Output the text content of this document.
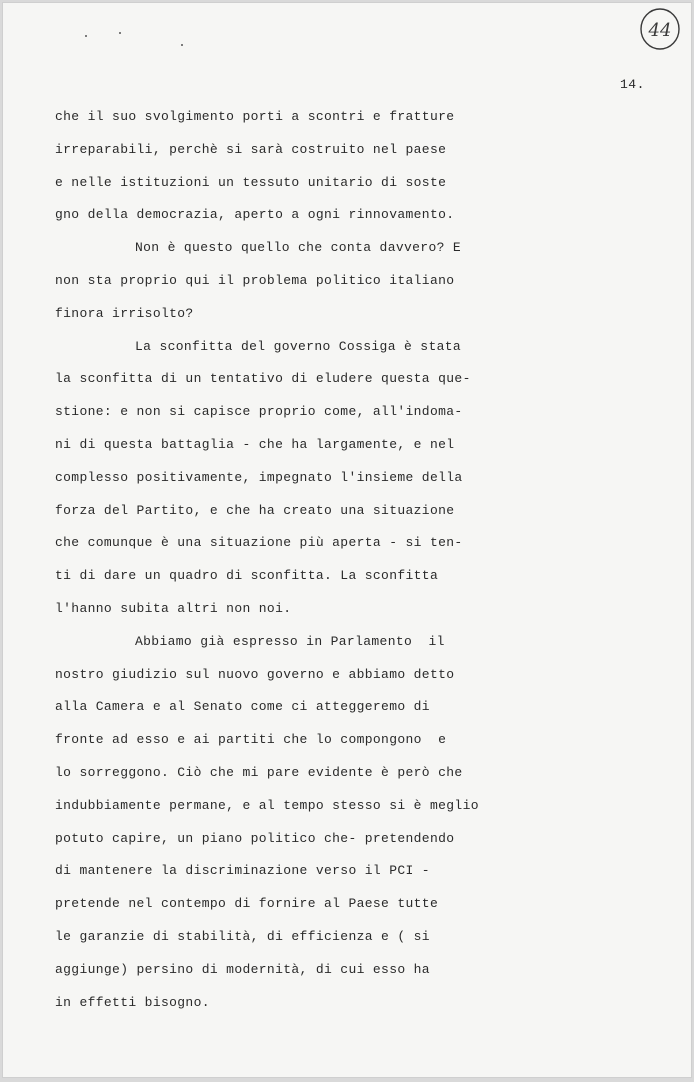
44
14.
che il suo svolgimento porti a scontri e fratture
irreparabili, perchè si sarà costruito nel paese
e nelle istituzioni un tessuto unitario di soste
gno della democrazia, aperto a ogni rinnovamento.
Non è questo quello che conta davvero? E
non sta proprio qui il problema politico italiano
finora irrisolto?
La sconfitta del governo Cossiga è stata
la sconfitta di un tentativo di eludere questa que-
stione: e non si capisce proprio come, all'indoma-
ni di questa battaglia - che ha largamente, e nel
complesso positivamente, impegnato l'insieme della
forza del Partito, e che ha creato una situazione
che comunque è una situazione più aperta - si ten-
ti di dare un quadro di sconfitta. La sconfitta
l'hanno subita altri non noi.
Abbiamo già espresso in Parlamento  il
nostro giudizio sul nuovo governo e abbiamo detto
alla Camera e al Senato come ci atteggeremo di
fronte ad esso e ai partiti che lo compongono  e
lo sorreggono. Ciò che mi pare evidente è però che
indubbiamente permane, e al tempo stesso si è meglio
potuto capire, un piano politico che- pretendendo
di mantenere la discriminazione verso il PCI -
pretende nel contempo di fornire al Paese tutte
le garanzie di stabilità, di efficienza e ( si
aggiunge) persino di modernità, di cui esso ha
in effetti bisogno.
